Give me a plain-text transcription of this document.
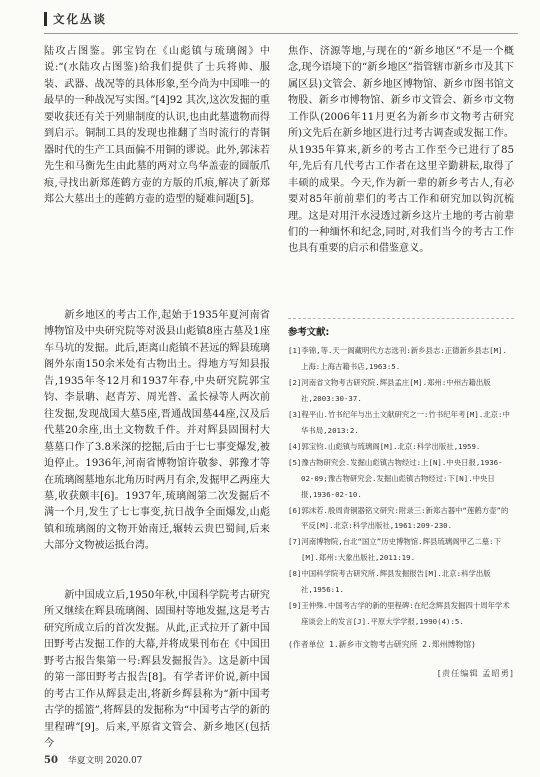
文化丛谈

陆攻占图鉴。郭宝钧在《山彪镇与琉璃阁》中说:“(水陆攻占图鉴)给我们提供了士兵将帅、服装、武器、战况等的具体形象,至今尚为中国唯一的最早的一种战况写实图。”[4]92 其次,这次发掘的重要收获还有关于列鼎制度的认识,也由此墓遗物而得到启示。铜制工具的发现也推翻了当时流行的青铜器时代的生产工具面偏不用铜的谬说。此外,郭沫若先生和马衡先生由此墓的两对立鸟华盖壶的圆版爪痕,寻找出新郑莲鹤方壶的方版的爪痕,解决了新郑郑公大墓出土的莲鹤方壶的造型的疑难问题[5]。

新乡地区的考古工作,起始于1935年夏河南省博物馆及中央研究院等对汲县山彪镇8座古墓及1座车马坑的发掘。此后,距离山彪镇不甚远的辉县琉璃阁外东南150余米处有古物出土。得地方写知县报告,1935年冬12月和1937年春,中央研究院郭宝钧、李景聃、赵青芳、周光普、孟长禄等人两次前往发掘,发现战国大墓5座,晋通战国墓44座,汉及后代墓20余座,出土文物数千件。并对辉县固围村大墓墓口作了3.8米深的挖掘,后由于七七事变爆发,被迫停止。1936年,河南省博物馆许敬参、郭豫才等在琉璃阁墓地东北角历时两月有余,发掘甲乙两座大墓,收获颇丰[6]。1937年,琉璃阁第二次发掘后不满一个月,发生了七七事变,抗日战争全面爆发,山彪镇和琉璃阁的文物开始南迁,辗转云贵巴蜀间,后来大部分文物被运抵台湾。

新中国成立后,1950年秋,中国科学院考古研究所又继续在辉县琉璃阁、固围村等地发掘,这是考古研究所成立后的首次发掘。从此,正式拉开了新中国田野考古发掘工作的大幕,并将成果刊布在《中国田野考古报告集第一号:辉县发掘报告》。这是新中国的第一部田野考古报告[8]。有学者评价说,新中国的考古工作从辉县走出,将新乡辉县称为“新中国考古学的摇篮”,将辉县的发掘称为“中国考古学的新的里程碑”[9]。后来,平原省文管会、新乡地区(包括今

焦作、济源等地,与现在的“新乡地区”不是一个概念,现今语境下的“新乡地区”指管辖市新乡市及其下属区县)文管会、新乡地区博物馆、新乡市图书馆文物股、新乡市博物馆、新乡市文管会、新乡市文物工作队(2006年11月更名为新乡市文物考古研究所)文先后在新乡地区进行过考古调查或发掘工作。从1935年算来,新乡的考古工作至今已进行了85年,先后有几代考古工作者在这里辛勤耕耘,取得了丰硕的成果。今天,作为新一辈的新乡考古人,有必要对85年前前辈们的考古工作和研究加以钩沉梳理。这是对用汗水浸透过新乡这片土地的考古前辈们的一种缅怀和纪念,同时,对我们当今的考古工作也具有重要的启示和借鉴意义。

参考文献:
[1]李锦,等.天一阁藏明代方志选刊:新乡县志:正德新乡县志[M].上海:上海古籍书店,1963:5.
[2]河南省文物考古研究院.辉县孟庄[M].郑州:中州古籍出版社,2003:30-37.
[3]程平山.竹书纪年与出土文献研究之一:竹书纪年考[M].北京:中华书局,2013:2.
[4]郭宝钧.山彪镇与琉璃阁[M].北京:科学出版社,1959.
[5]豫古物研究会.发掘山彪镇古物经过:上[N].中央日报,1936-02-09;豫古物研究会.发掘山彪镇古物经过:下[N].中央日报,1936-02-10.
[6]郭沫若.殷周青铜器铭文研究:附录三:新郑古器中“莲鹤方壶”的平反[M].北京:科学出版社,1961:209-230.
[7]河南博物院,台北“国立”历史博物馆.辉县琉璃阁甲乙二墓:下[M].郑州:大象出版社,2011:19.
[8]中国科学院考古研究所.辉县发掘报告[M].北京:科学出版社,1956:1.
[9]王仲殊.中国考古学的新的里程碑:在纪念辉县发掘四十周年学术座谈会上的发言[J].平原大学学报,1990(4):5.
(作者单位 1.新乡市文物考古研究所 2.郑州博物馆)
[责任编辑 孟昭勇]
50 华夏文明 2020.07
